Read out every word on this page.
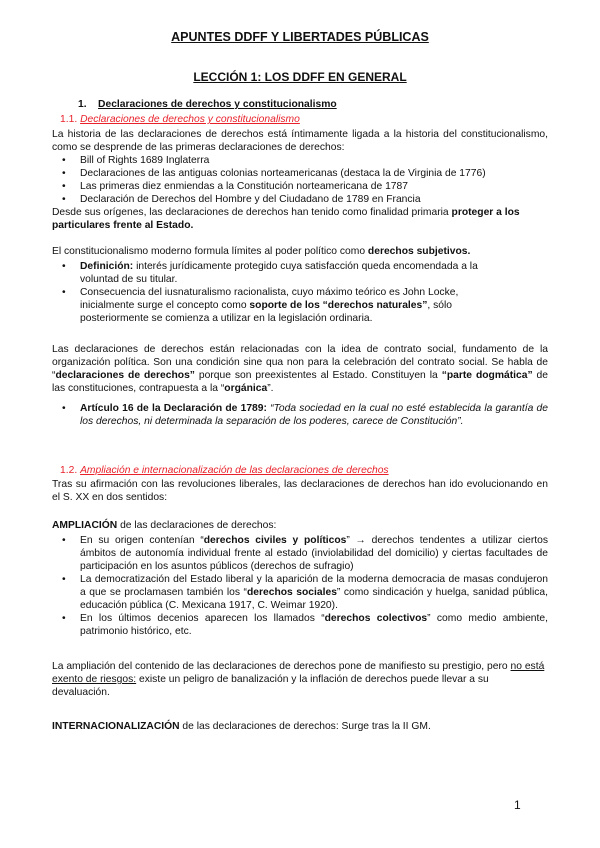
APUNTES DDFF Y LIBERTADES PÚBLICAS
LECCIÓN 1: LOS DDFF EN GENERAL
1. Declaraciones de derechos y constitucionalismo
1.1. Declaraciones de derechos y constitucionalismo
La historia de las declaraciones de derechos está íntimamente ligada a la historia del constitucionalismo, como se desprende de las primeras declaraciones de derechos:
• Bill of Rights 1689 Inglaterra
• Declaraciones de las antiguas colonias norteamericanas (destaca la de Virginia de 1776)
• Las primeras diez enmiendas a la Constitución norteamericana de 1787
• Declaración de Derechos del Hombre y del Ciudadano de 1789 en Francia
Desde sus orígenes, las declaraciones de derechos han tenido como finalidad primaria proteger a los particulares frente al Estado.
El constitucionalismo moderno formula límites al poder político como derechos subjetivos.
• Definición: interés jurídicamente protegido cuya satisfacción queda encomendada a la voluntad de su titular.
• Consecuencia del iusnaturalismo racionalista, cuyo máximo teórico es John Locke, inicialmente surge el concepto como soporte de los “derechos naturales”, sólo posteriormente se comienza a utilizar en la legislación ordinaria.
Las declaraciones de derechos están relacionadas con la idea de contrato social, fundamento de la organización política. Son una condición sine qua non para la celebración del contrato social. Se habla de “declaraciones de derechos” porque son preexistentes al Estado. Constituyen la “parte dogmática” de las constituciones, contrapuesta a la “orgánica”.
• Artículo 16 de la Declaración de 1789: “Toda sociedad en la cual no esté establecida la garantía de los derechos, ni determinada la separación de los poderes, carece de Constitución”.
1.2. Ampliación e internacionalización de las declaraciones de derechos
Tras su afirmación con las revoluciones liberales, las declaraciones de derechos han ido evolucionando en el S. XX en dos sentidos:
AMPLIACIÓN de las declaraciones de derechos:
• En su origen contenían “derechos civiles y políticos” → derechos tendentes a utilizar ciertos ámbitos de autonomía individual frente al estado (inviolabilidad del domicilio) y ciertas facultades de participación en los asuntos públicos (derechos de sufragio)
• La democratización del Estado liberal y la aparición de la moderna democracia de masas condujeron a que se proclamasen también los “derechos sociales” como sindicación y huelga, sanidad pública, educación pública (C. Mexicana 1917, C. Weimar 1920).
• En los últimos decenios aparecen los llamados “derechos colectivos” como medio ambiente, patrimonio histórico, etc.
La ampliación del contenido de las declaraciones de derechos pone de manifiesto su prestigio, pero no está exento de riesgos: existe un peligro de banalización y la inflación de derechos puede llevar a su devaluación.
INTERNACIONALIZACIÓN de las declaraciones de derechos: Surge tras la II GM.
1
